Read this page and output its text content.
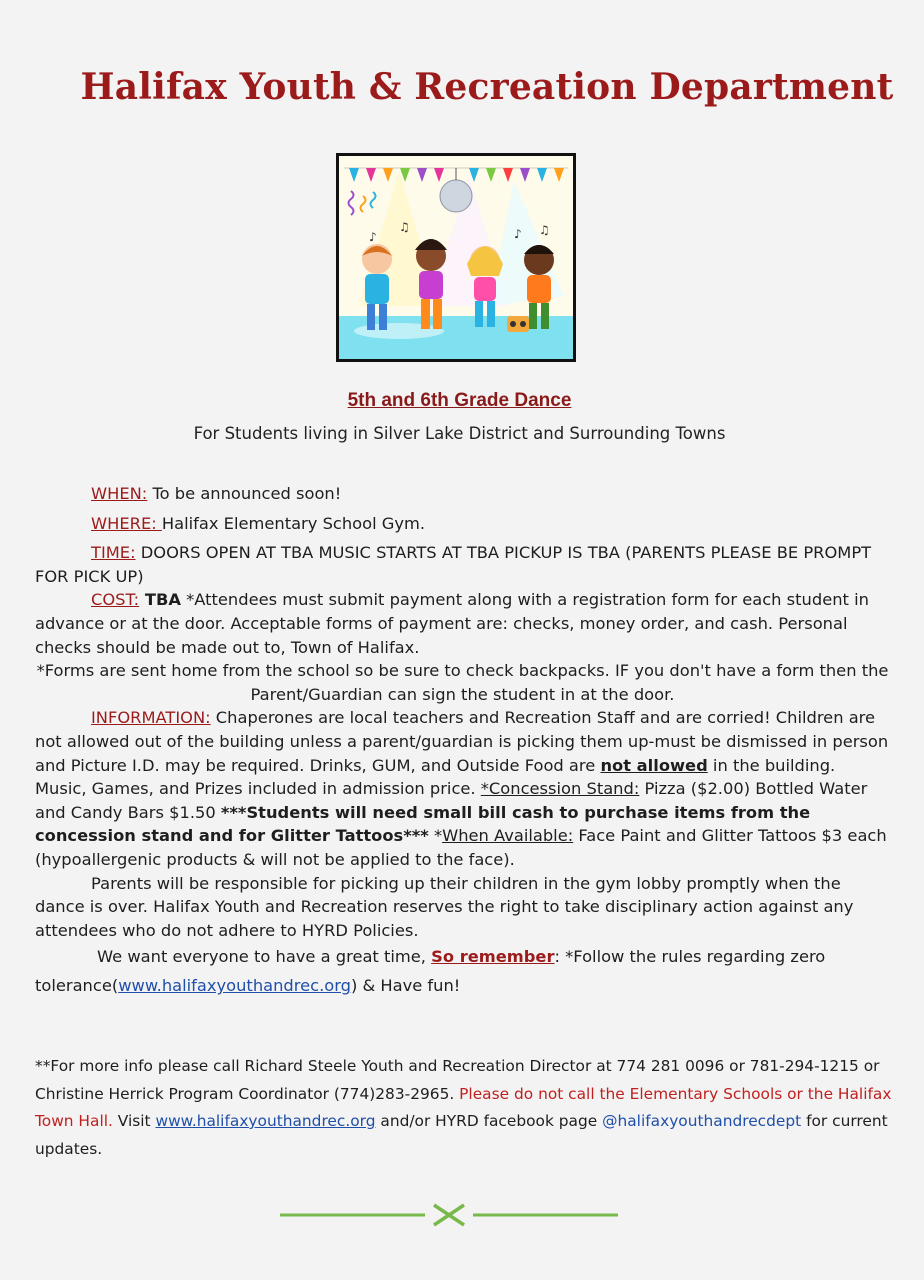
Halifax Youth & Recreation Department
♪
♫	♪ ♫
5th and 6th Grade Dance
For Students living in Silver Lake District and Surrounding Towns

WHEN: To be announced soon!

WHERE: Halifax Elementary School Gym.

TIME: DOORS OPEN AT TBA MUSIC STARTS AT TBA PICKUP IS TBA (PARENTS PLEASE BE PROMPT FOR PICK UP)

COST: TBA *Attendees must submit payment along with a registration form for each student in advance or at the door. Acceptable forms of payment are: checks, money order, and cash. Personal checks should be made out to, Town of Halifax.

*Forms are sent home from the school so be sure to check backpacks. IF you don't have a form then the Parent/Guardian can sign the student in at the door.

INFORMATION: Chaperones are local teachers and Recreation Staff and are corried! Children are not allowed out of the building unless a parent/guardian is picking them up-must be dismissed in person and Picture I.D. may be required. Drinks, GUM, and Outside Food are not allowed in the building. Music, Games, and Prizes included in admission price. *Concession Stand: Pizza ($2.00) Bottled Water and Candy Bars $1.50 ***Students will need small bill cash to purchase items from the concession stand and for Glitter Tattoos*** *When Available: Face Paint and Glitter Tattoos $3 each (hypoallergenic products & will not be applied to the face).

Parents will be responsible for picking up their children in the gym lobby promptly when the dance is over. Halifax Youth and Recreation reserves the right to take disciplinary action against any attendees who do not adhere to HYRD Policies.

We want everyone to have a great time, So remember: *Follow the rules regarding zero tolerance(www.halifaxyouthandrec.org) & Have fun!

**For more info please call Richard Steele Youth and Recreation Director at 774 281 0096 or 781-294-1215 or Christine Herrick Program Coordinator (774)283-2965. Please do not call the Elementary Schools or the Halifax Town Hall. Visit www.halifaxyouthandrec.org and/or HYRD facebook page @halifaxyouthandrecdept for current updates.
